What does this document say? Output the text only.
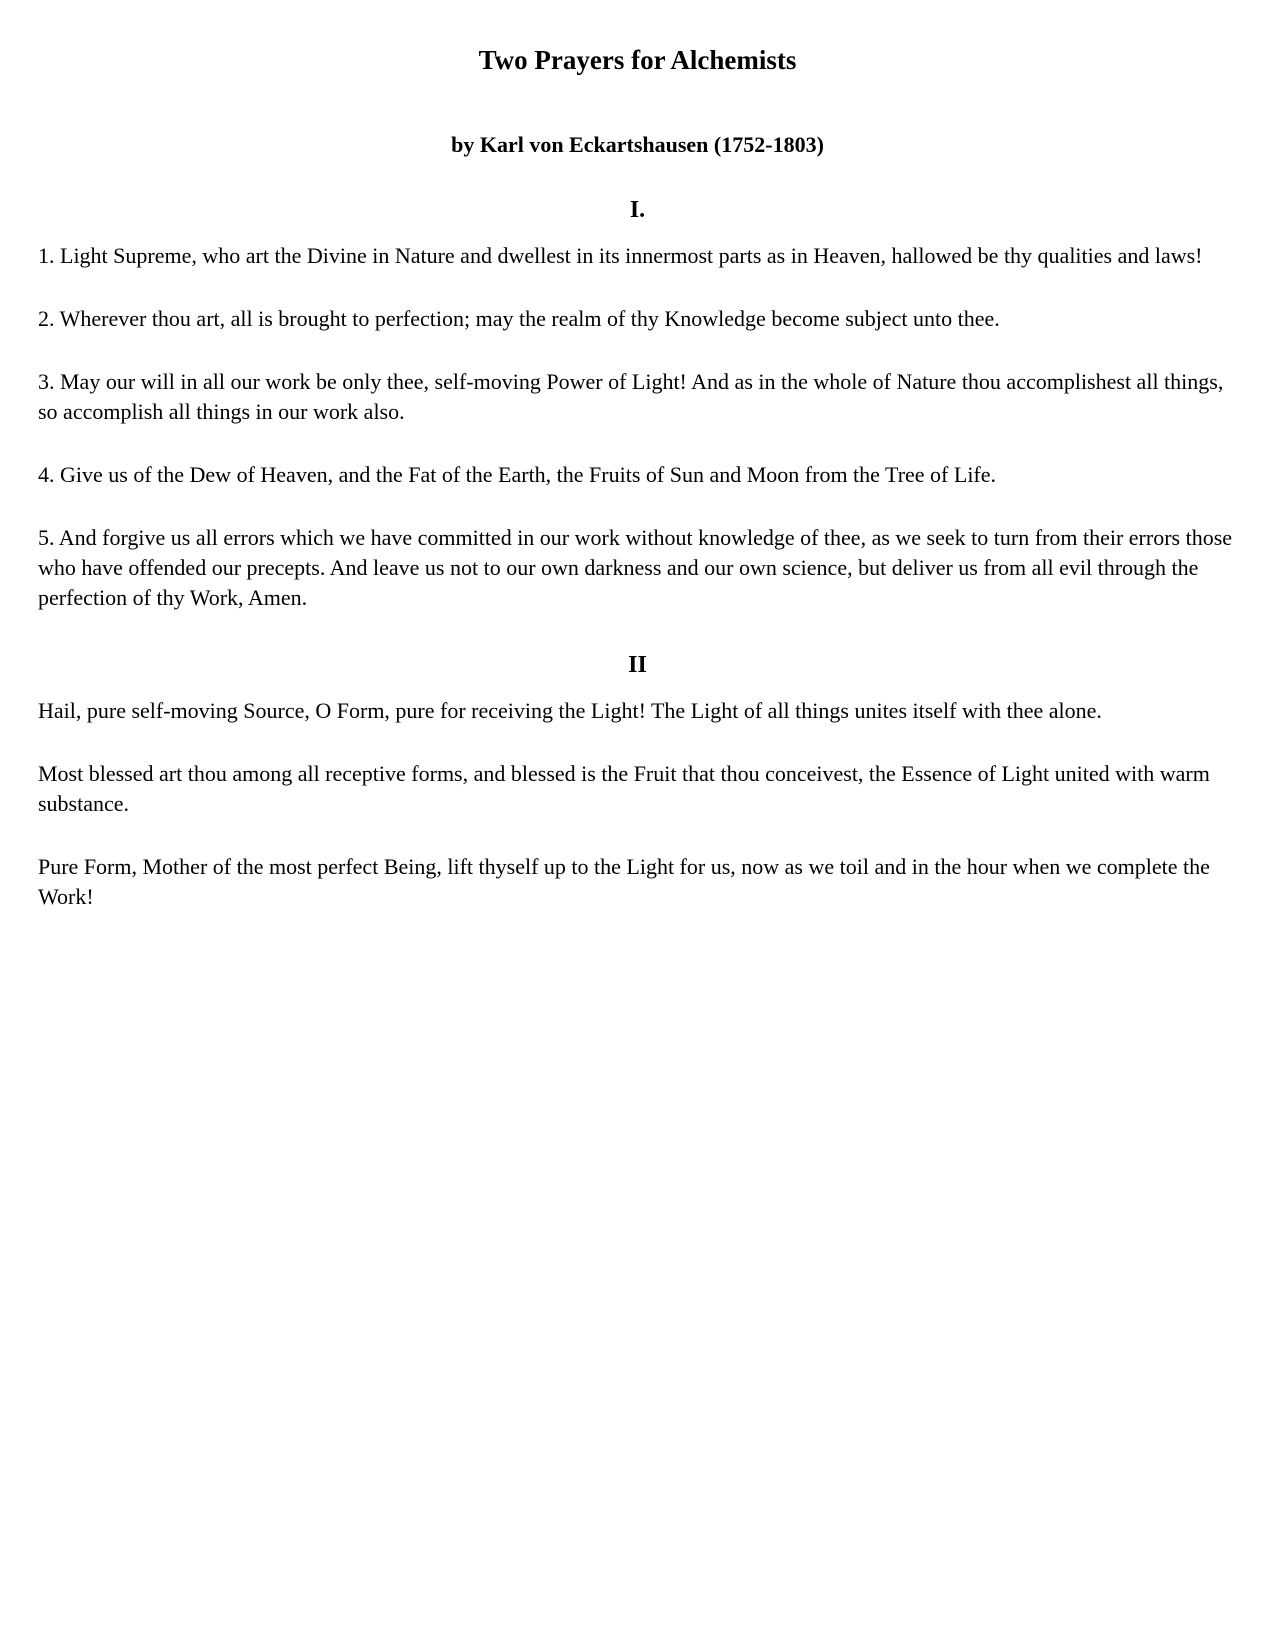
Two Prayers for Alchemists
by Karl von Eckartshausen (1752-1803)
I.

1. Light Supreme, who art the Divine in Nature and dwellest in its innermost parts as in Heaven, hallowed be thy qualities and laws!

2. Wherever thou art, all is brought to perfection; may the realm of thy Knowledge become subject unto thee.

3. May our will in all our work be only thee, self-moving Power of Light! And as in the whole of Nature thou accomplishest all things, so accomplish all things in our work also.

4. Give us of the Dew of Heaven, and the Fat of the Earth, the Fruits of Sun and Moon from the Tree of Life.

5. And forgive us all errors which we have committed in our work without knowledge of thee, as we seek to turn from their errors those who have offended our precepts. And leave us not to our own darkness and our own science, but deliver us from all evil through the perfection of thy Work, Amen.

II

Hail, pure self-moving Source, O Form, pure for receiving the Light! The Light of all things unites itself with thee alone.

Most blessed art thou among all receptive forms, and blessed is the Fruit that thou conceivest, the Essence of Light united with warm substance.

Pure Form, Mother of the most perfect Being, lift thyself up to the Light for us, now as we toil and in the hour when we complete the Work!
